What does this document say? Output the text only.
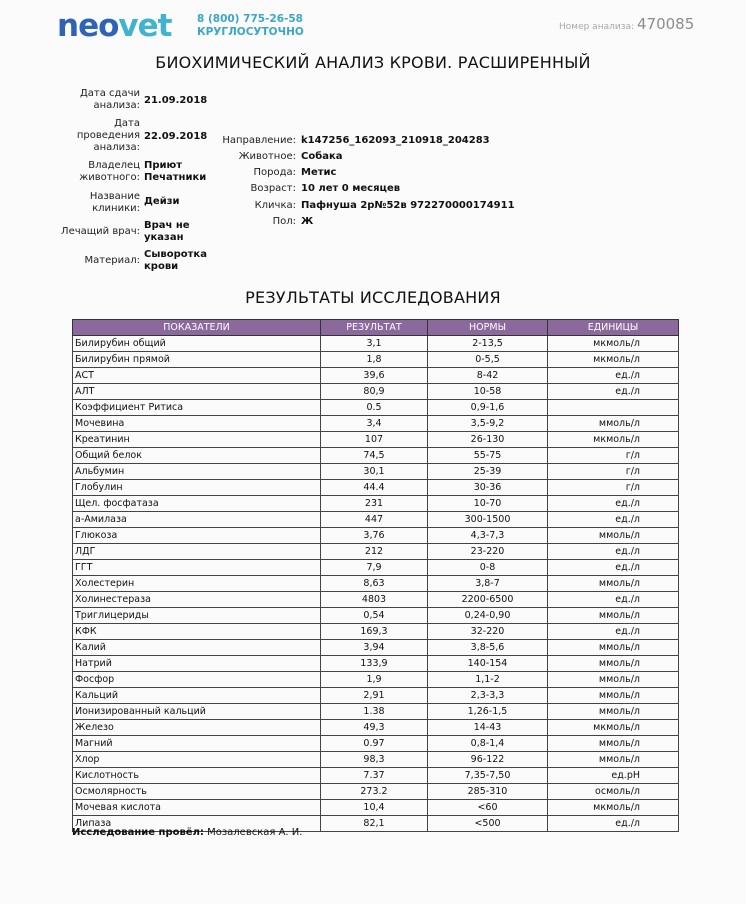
neovet 8 (800) 775-26-58
КРУГЛОСУТОЧНО	Номер анализа: 470085
БИОХИМИЧЕСКИЙ АНАЛИЗ КРОВИ. РАСШИРЕННЫЙ
Дата сдачи
анализа: 21.09.2018
Дата
проведения
анализа:
22.09.2018
Владелец
животного:
Приют
Печатники
Название
клиники:
Дейзи
Лечащий врач:
Врач не
указан
Материал:
Сыворотка
крови
Направление: k147256_162093_210918_204283
Животное: Собака
Порода: Метис
Возраст: 10 лет 0 месяцев
Кличка: Пафнуша 2р№52в 972270000174911
Пол: Ж
РЕЗУЛЬТАТЫ ИССЛЕДОВАНИЯ
ПОКАЗАТЕЛИ	РЕЗУЛЬТАТ	НОРМЫ	ЕДИНИЦЫ
Билирубин общий	3,1	2-13,5	мкмоль/л
Билирубин прямой	1,8	0-5,5	мкмоль/л
АСТ	39,6	8-42	ед./л
АЛТ	80,9	10-58	ед./л
Коэффициент Ритиса	0.5	0,9-1,6	
Мочевина	3,4	3,5-9,2	ммоль/л
Креатинин	107	26-130	мкмоль/л
Общий белок	74,5	55-75	г/л
Альбумин	30,1	25-39	г/л
Глобулин	44.4	30-36	г/л
Щел. фосфатаза	231	10-70	ед./л
а-Амилаза	447	300-1500	ед./л
Глюкоза	3,76	4,3-7,3	ммоль/л
ЛДГ	212	23-220	ед./л
ГГТ	7,9	0-8	ед./л
Холестерин	8,63	3,8-7	ммоль/л
Холинестераза	4803	2200-6500	ед./л
Триглицериды	0,54	0,24-0,90	ммоль/л
КФК	169,3	32-220	ед./л
Калий	3,94	3,8-5,6	ммоль/л
Натрий	133,9	140-154	ммоль/л
Фосфор	1,9	1,1-2	ммоль/л
Кальций	2,91	2,3-3,3	ммоль/л
Ионизированный кальций	1.38	1,26-1,5	ммоль/л
Железо	49,3	14-43	мкмоль/л
Магний	0.97	0,8-1,4	ммоль/л
Хлор	98,3	96-122	ммоль/л
Кислотность	7.37	7,35-7,50	ед.pH
Осмолярность	273.2	285-310	осмоль/л
Мочевая кислота	10,4	<60	мкмоль/л
Липаза	82,1	<500	ед./л
Исследование провёл: Мозалевская А. И.
